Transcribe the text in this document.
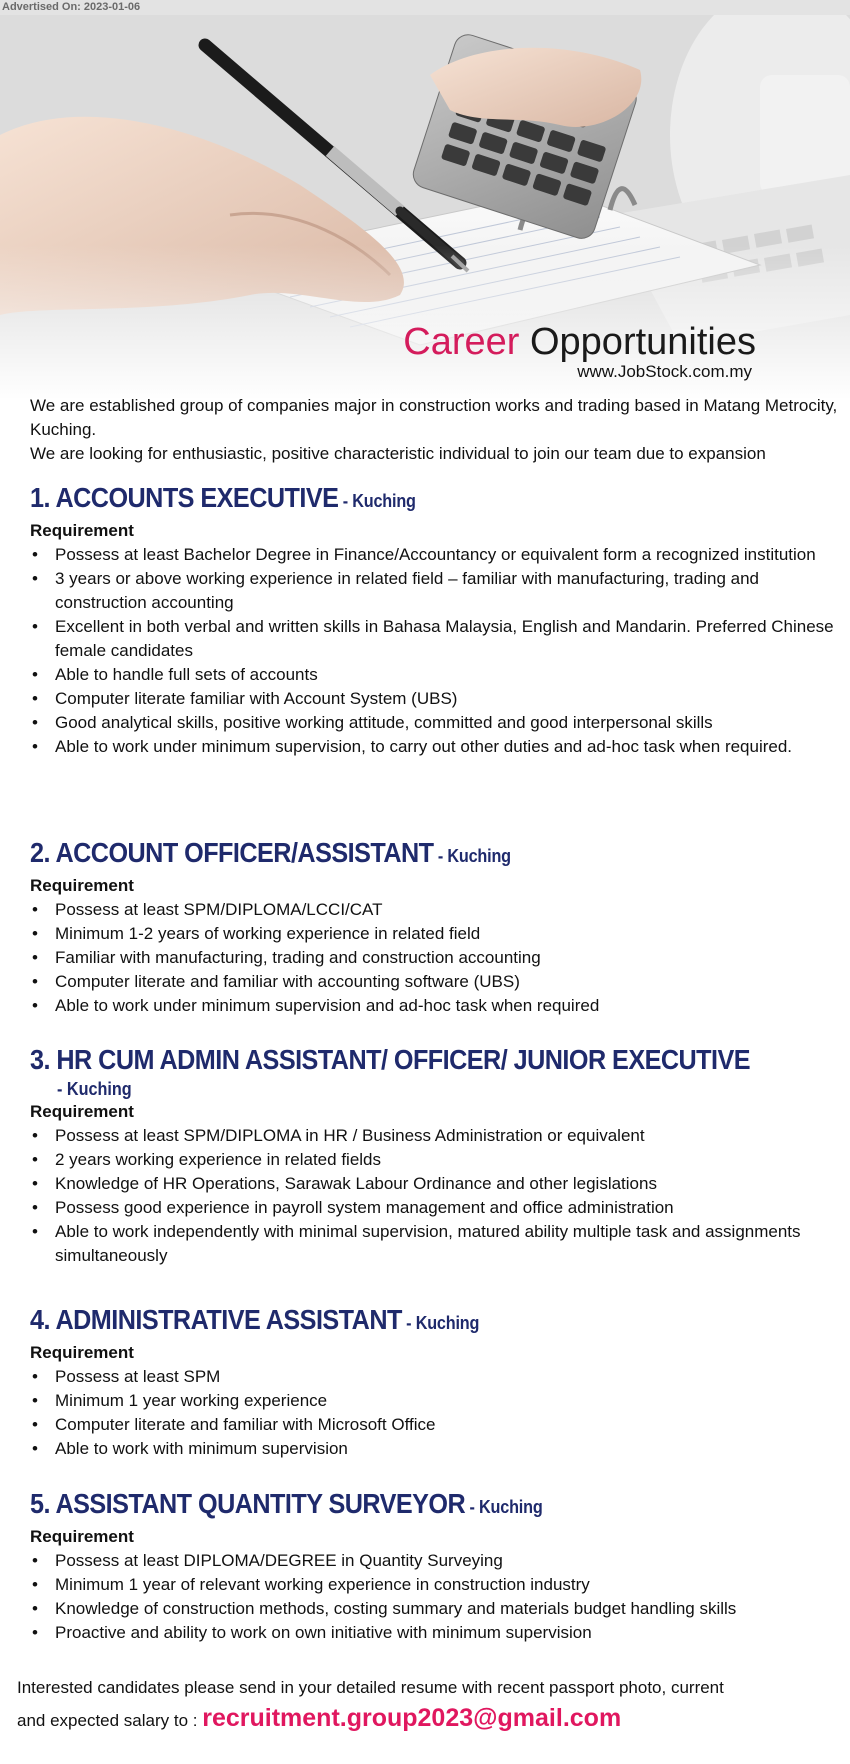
Advertised On: 2023-01-06
Career Opportunities
www.JobStock.com.my

We are established group of companies major in construction works and trading based in Matang Metrocity, Kuching.

We are looking for enthusiastic, positive characteristic individual to join our team due to expansion

1. ACCOUNTS EXECUTIVE - Kuching
Requirement
• Possess at least Bachelor Degree in Finance/Accountancy or equivalent form a recognized institution
• 3 years or above working experience in related field – familiar with manufacturing, trading and construction accounting
• Excellent in both verbal and written skills in Bahasa Malaysia, English and Mandarin. Preferred Chinese female candidates
• Able to handle full sets of accounts
• Computer literate familiar with Account System (UBS)
• Good analytical skills, positive working attitude, committed and good interpersonal skills
• Able to work under minimum supervision, to carry out other duties and ad-hoc task when required.
2. ACCOUNT OFFICER/ASSISTANT - Kuching
Requirement
• Possess at least SPM/DIPLOMA/LCCI/CAT
• Minimum 1-2 years of working experience in related field
• Familiar with manufacturing, trading and construction accounting
• Computer literate and familiar with accounting software (UBS)
• Able to work under minimum supervision and ad-hoc task when required
3. HR CUM ADMIN ASSISTANT/ OFFICER/ JUNIOR EXECUTIVE
- Kuching
Requirement
• Possess at least SPM/DIPLOMA in HR / Business Administration or equivalent
• 2 years working experience in related fields
• Knowledge of HR Operations, Sarawak Labour Ordinance and other legislations
• Possess good experience in payroll system management and office administration
• Able to work independently with minimal supervision, matured ability multiple task and assignments simultaneously
4. ADMINISTRATIVE ASSISTANT - Kuching
Requirement
• Possess at least SPM
• Minimum 1 year working experience
• Computer literate and familiar with Microsoft Office
• Able to work with minimum supervision
5. ASSISTANT QUANTITY SURVEYOR - Kuching
Requirement
• Possess at least DIPLOMA/DEGREE in Quantity Surveying
• Minimum 1 year of relevant working experience in construction industry
• Knowledge of construction methods, costing summary and materials budget handling skills
• Proactive and ability to work on own initiative with minimum supervision
Interested candidates please send in your detailed resume with recent passport photo, current
and expected salary to : recruitment.group2023@gmail.com
